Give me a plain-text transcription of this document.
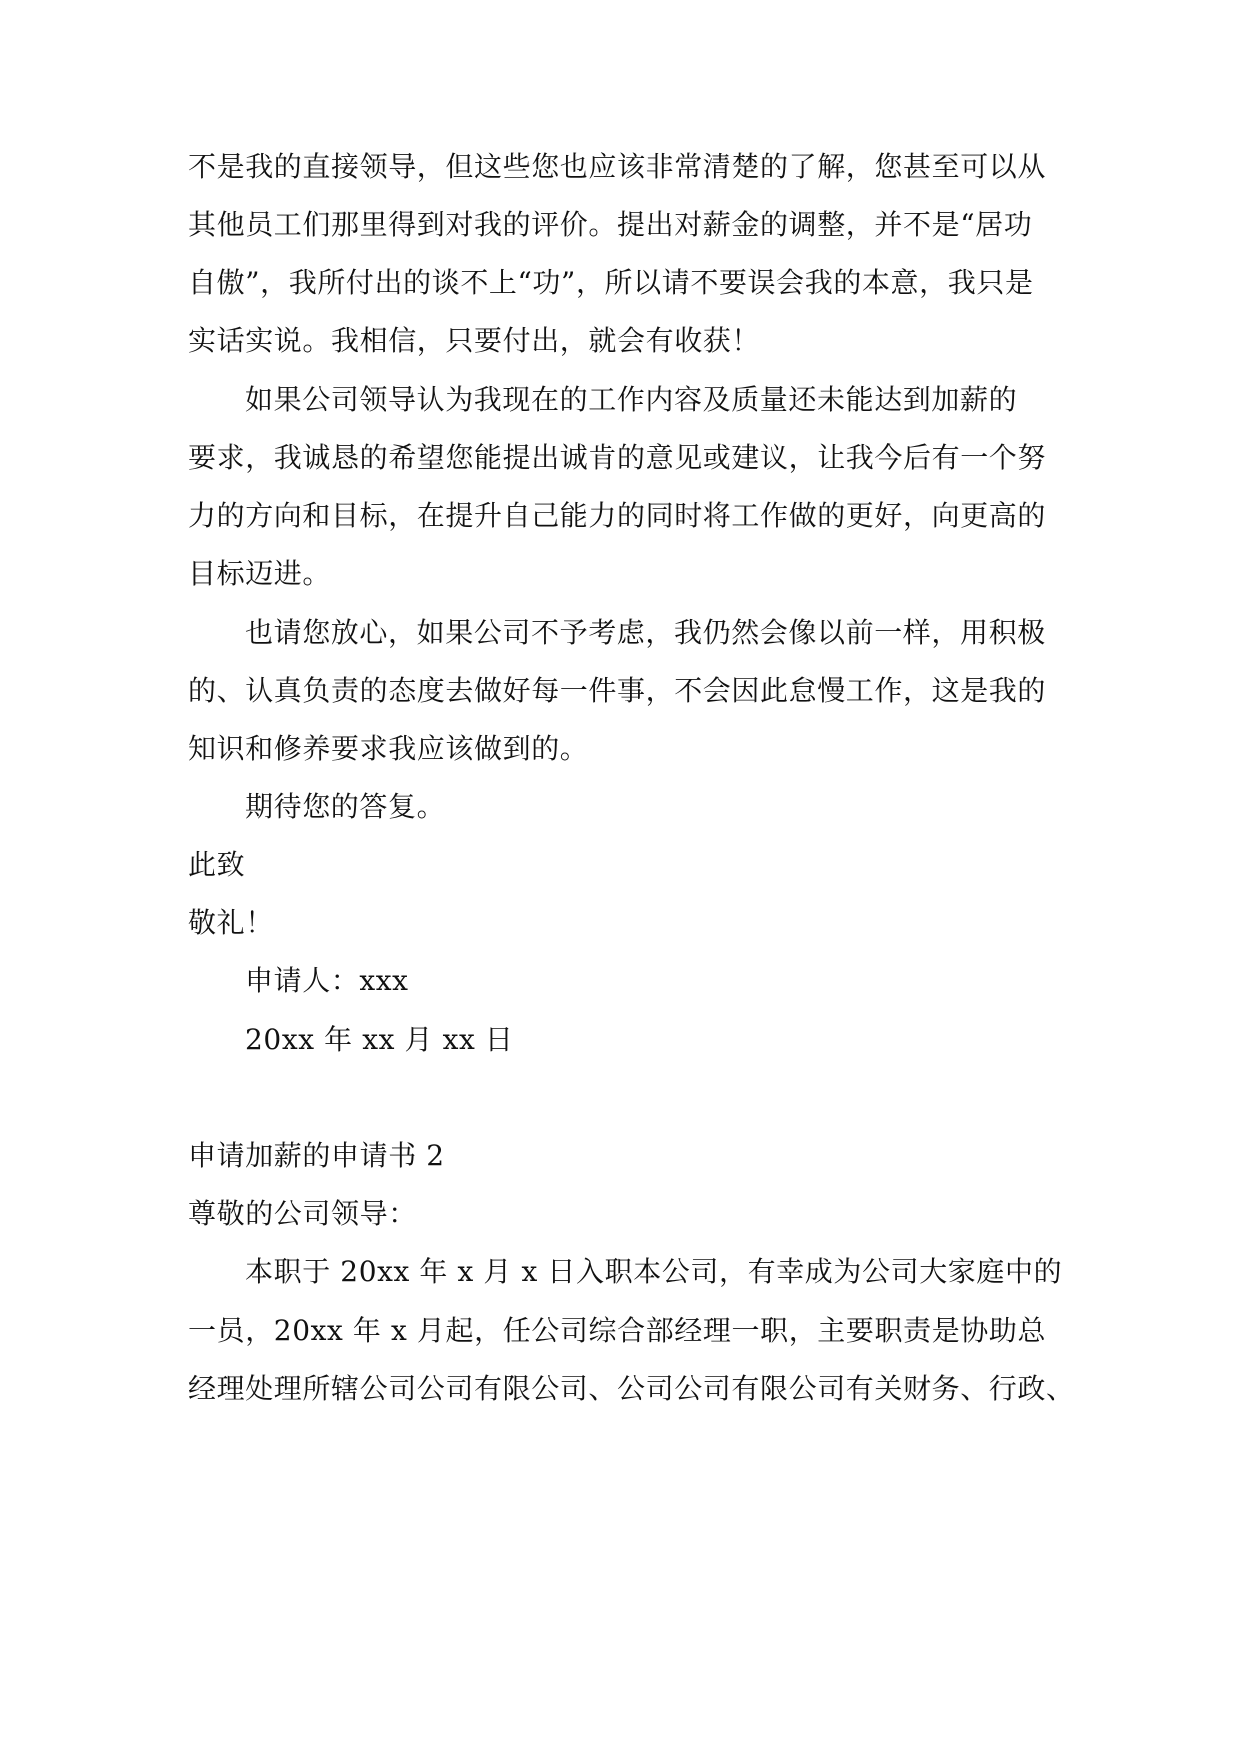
不是我的直接领导，但这些您也应该非常清楚的了解，您甚至可以从
其他员工们那里得到对我的评价。提出对薪金的调整，并不是“居功
自傲”，我所付出的谈不上“功”，所以请不要误会我的本意，我只是
实话实说。我相信，只要付出，就会有收获！
如果公司领导认为我现在的工作内容及质量还未能达到加薪的
要求，我诚恳的希望您能提出诚肯的意见或建议，让我今后有一个努
力的方向和目标，在提升自己能力的同时将工作做的更好，向更高的
目标迈进。
也请您放心，如果公司不予考虑，我仍然会像以前一样，用积极
的、认真负责的态度去做好每一件事，不会因此怠慢工作，这是我的
知识和修养要求我应该做到的。
期待您的答复。
此致
敬礼！
申请人：xxx
20xx 年 xx 月 xx 日
申请加薪的申请书 2
尊敬的公司领导：
本职于 20xx 年 x 月 x 日入职本公司，有幸成为公司大家庭中的
一员，20xx 年 x 月起，任公司综合部经理一职，主要职责是协助总
经理处理所辖公司公司有限公司、公司公司有限公司有关财务、行政、
